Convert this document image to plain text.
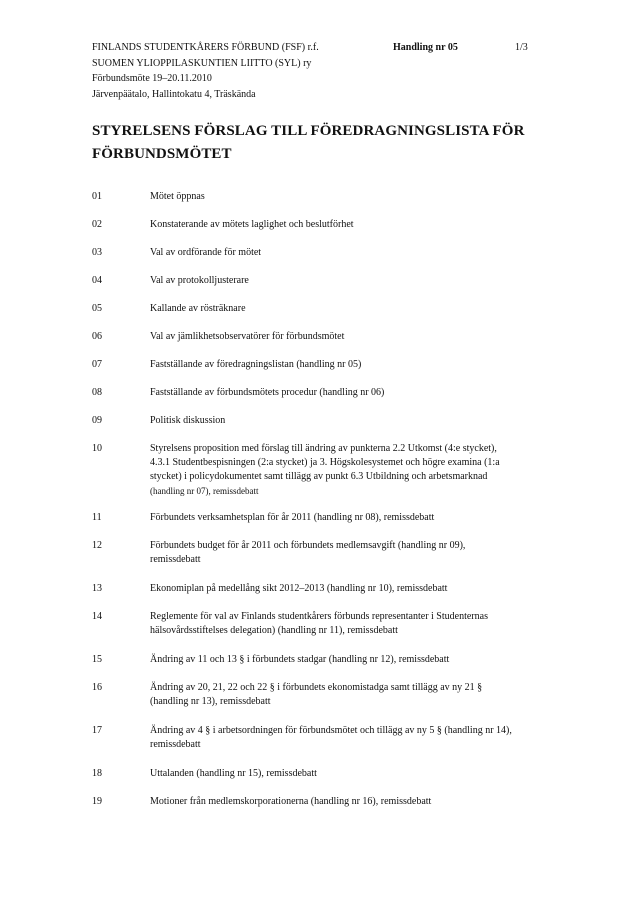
FINLANDS STUDENTKÅRERS FÖRBUND (FSF) r.f.	Handling nr 05	1/3
SUOMEN YLIOPPILASKUNTIEN LIITTO (SYL) ry
Förbundsmöte 19–20.11.2010
Järvenpäätalo, Hallintokatu 4, Träskända
STYRELSENS FÖRSLAG TILL FÖREDRAGNINGSLISTA FÖR
FÖRBUNDSMÖTET
01	Mötet öppnas
02	Konstaterande av mötets laglighet och beslutförhet
03	Val av ordförande för mötet
04	Val av protokolljusterare
05	Kallande av rösträknare
06	Val av jämlikhetsobservatörer för förbundsmötet
07	Fastställande av föredragningslistan (handling nr 05)
08	Fastställande av förbundsmötets procedur (handling nr 06)
09	Politisk diskussion
10	Styrelsens proposition med förslag till ändring av punkterna 2.2 Utkomst (4:e stycket),
4.3.1 Studentbespisningen (2:a stycket) ja 3. Högskolesystemet och högre examina (1:a
stycket) i policydokumentet samt tillägg av punkt 6.3 Utbildning och arbetsmarknad
(handling nr 07), remissdebatt
11	Förbundets verksamhetsplan för år 2011 (handling nr 08), remissdebatt
12	Förbundets budget för år 2011 och förbundets medlemsavgift (handling nr 09),
remissdebatt
13	Ekonomiplan på medellång sikt 2012–2013 (handling nr 10), remissdebatt
14	Reglemente för val av Finlands studentkårers förbunds representanter i Studenternas
hälsovårdsstiftelses delegation) (handling nr 11), remissdebatt
15	Ändring av 11 och 13 § i förbundets stadgar (handling nr 12), remissdebatt
16	Ändring av 20, 21, 22 och 22 § i förbundets ekonomistadga samt tillägg av ny 21 §
(handling nr 13), remissdebatt
17	Ändring av 4 § i arbetsordningen för förbundsmötet och tillägg av ny 5 § (handling nr 14),
remissdebatt
18	Uttalanden (handling nr 15), remissdebatt
19	Motioner från medlemskorporationerna (handling nr 16), remissdebatt
